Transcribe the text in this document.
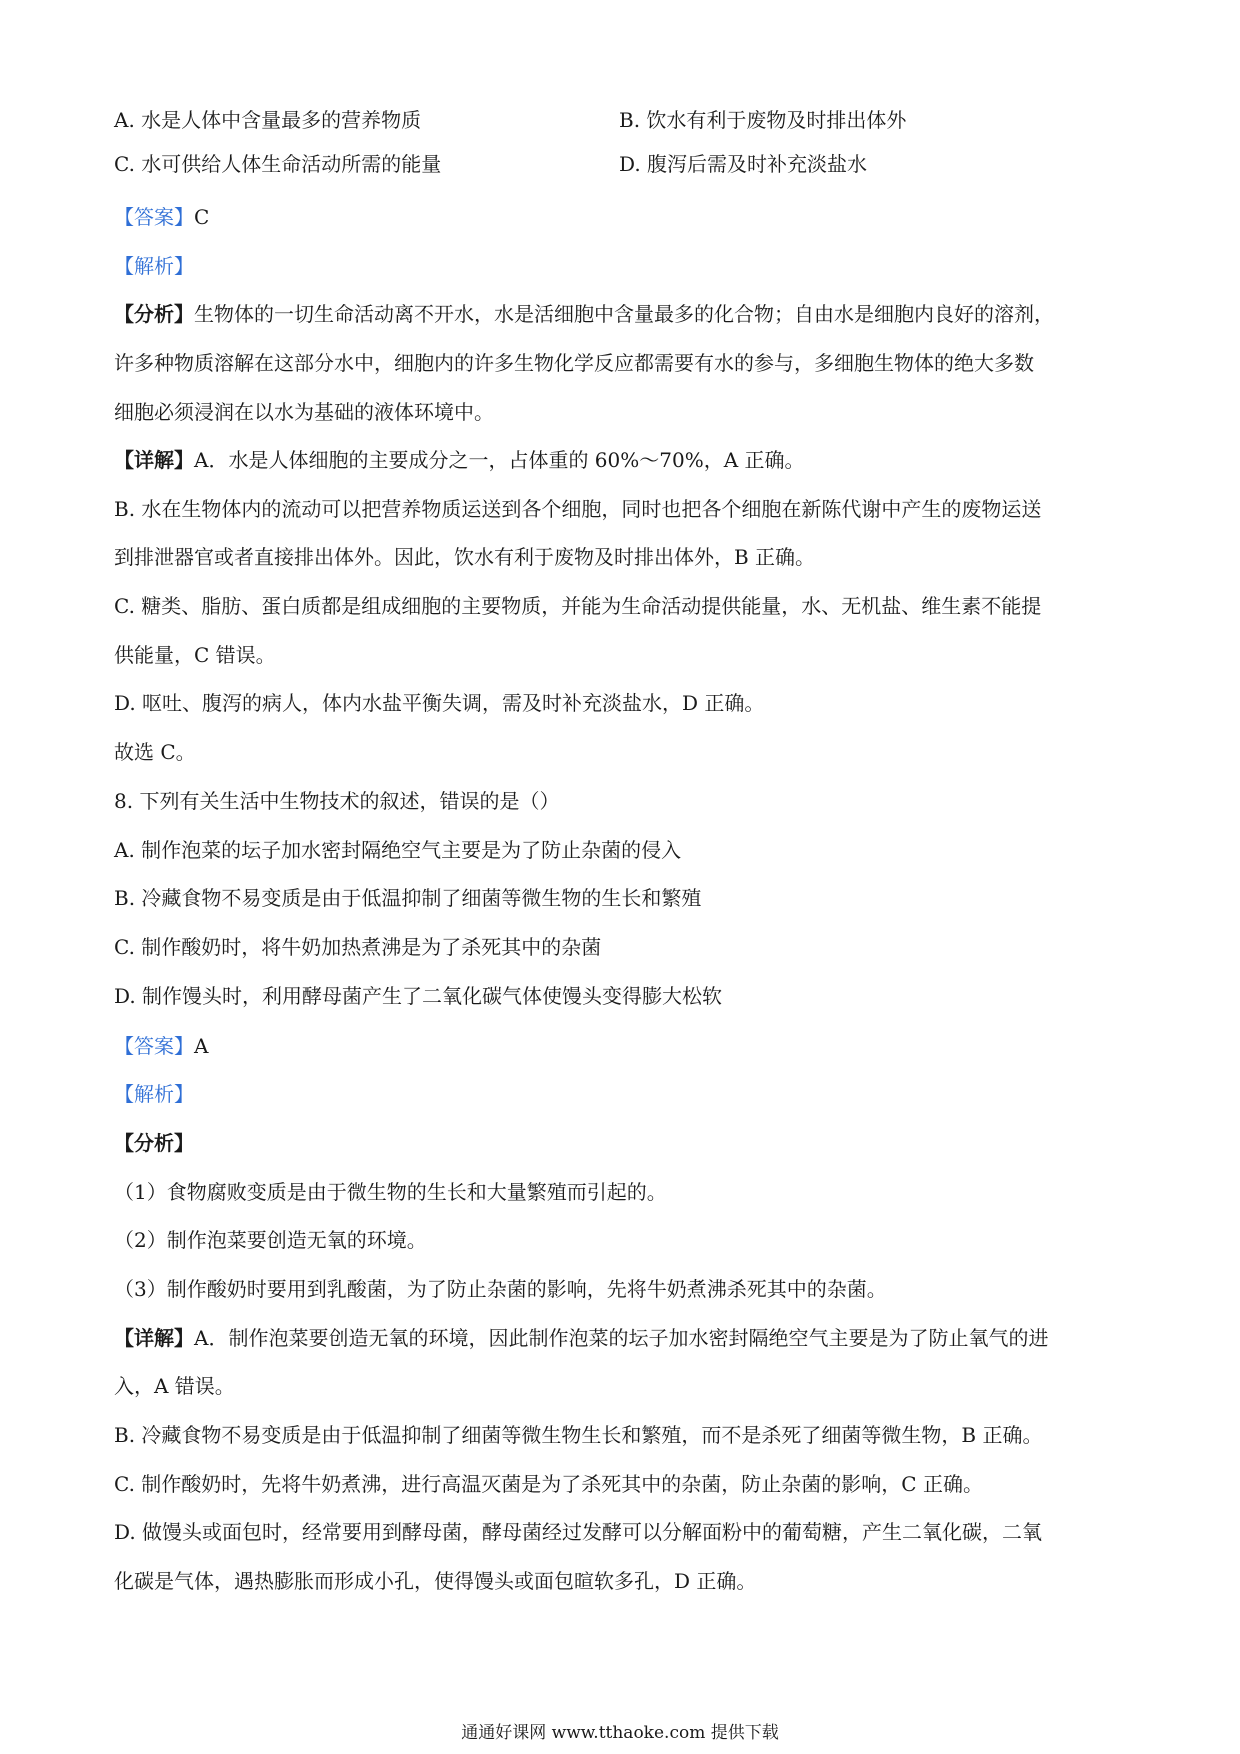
A. 水是人体中含量最多的营养物质	B. 饮水有利于废物及时排出体外
C. 水可供给人体生命活动所需的能量	D. 腹泻后需及时补充淡盐水
【答案】C
【解析】
【分析】生物体的一切生命活动离不开水，水是活细胞中含量最多的化合物；自由水是细胞内良好的溶剂，
许多种物质溶解在这部分水中，细胞内的许多生物化学反应都需要有水的参与，多细胞生物体的绝大多数
细胞必须浸润在以水为基础的液体环境中。
【详解】A．水是人体细胞的主要成分之一，占体重的 60%～70%，A 正确。
B. 水在生物体内的流动可以把营养物质运送到各个细胞，同时也把各个细胞在新陈代谢中产生的废物运送
到排泄器官或者直接排出体外。因此，饮水有利于废物及时排出体外，B 正确。
C. 糖类、脂肪、蛋白质都是组成细胞的主要物质，并能为生命活动提供能量，水、无机盐、维生素不能提
供能量，C 错误。
D. 呕吐、腹泻的病人，体内水盐平衡失调，需及时补充淡盐水，D 正确。
故选 C。
8. 下列有关生活中生物技术的叙述，错误的是（）
A. 制作泡菜的坛子加水密封隔绝空气主要是为了防止杂菌的侵入
B. 冷藏食物不易变质是由于低温抑制了细菌等微生物的生长和繁殖
C. 制作酸奶时，将牛奶加热煮沸是为了杀死其中的杂菌
D. 制作馒头时，利用酵母菌产生了二氧化碳气体使馒头变得膨大松软
【答案】A
【解析】
【分析】
（1）食物腐败变质是由于微生物的生长和大量繁殖而引起的。
（2）制作泡菜要创造无氧的环境。
（3）制作酸奶时要用到乳酸菌，为了防止杂菌的影响，先将牛奶煮沸杀死其中的杂菌。
【详解】A．制作泡菜要创造无氧的环境，因此制作泡菜的坛子加水密封隔绝空气主要是为了防止氧气的进
入，A 错误。
B. 冷藏食物不易变质是由于低温抑制了细菌等微生物生长和繁殖，而不是杀死了细菌等微生物，B 正确。
C. 制作酸奶时，先将牛奶煮沸，进行高温灭菌是为了杀死其中的杂菌，防止杂菌的影响，C 正确。
D. 做馒头或面包时，经常要用到酵母菌，酵母菌经过发酵可以分解面粉中的葡萄糖，产生二氧化碳，二氧
化碳是气体，遇热膨胀而形成小孔，使得馒头或面包暄软多孔，D 正确。
通通好课网 www.tthaoke.com 提供下载
